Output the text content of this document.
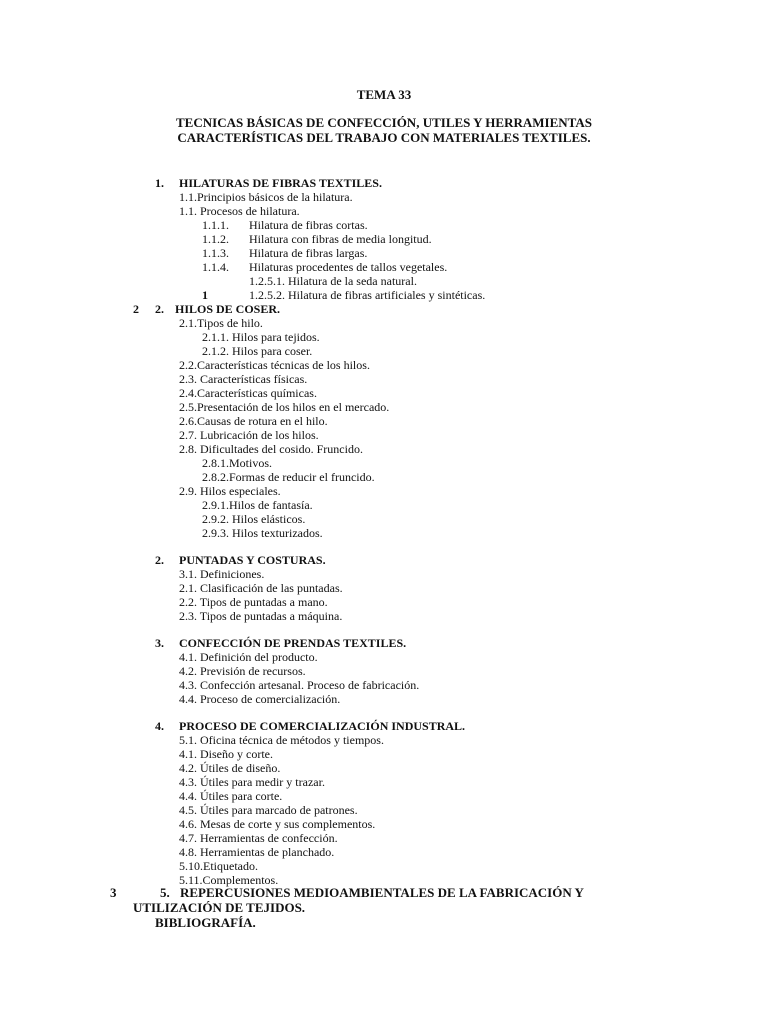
TEMA 33
TECNICAS BÁSICAS DE CONFECCIÓN, UTILES Y HERRAMIENTAS
CARACTERÍSTICAS DEL TRABAJO CON MATERIALES TEXTILES.
1. HILATURAS DE FIBRAS TEXTILES.
1.1.Principios básicos de la hilatura.
1.1. Procesos de hilatura.
1.1.1. Hilatura de fibras cortas.
1.1.2. Hilatura con fibras de media longitud.
1.1.3. Hilatura de fibras largas.
1.1.4. Hilaturas procedentes de tallos vegetales.
1.2.5.1. Hilatura de la seda natural.
1	1.2.5.2. Hilatura de fibras artificiales y sintéticas.
2 2. HILOS DE COSER.
2.1.Tipos de hilo.
2.1.1. Hilos para tejidos.
2.1.2. Hilos para coser.
2.2.Características técnicas de los hilos.
2.3. Características físicas.
2.4.Características químicas.
2.5.Presentación de los hilos en el mercado.
2.6.Causas de rotura en el hilo.
2.7. Lubricación de los hilos.
2.8. Dificultades del cosido. Fruncido.
2.8.1.Motivos.
2.8.2.Formas de reducir el fruncido.
2.9. Hilos especiales.
2.9.1.Hilos de fantasía.
2.9.2. Hilos elásticos.
2.9.3. Hilos texturizados.
2. PUNTADAS Y COSTURAS.
3.1. Definiciones.
2.1. Clasificación de las puntadas.
2.2. Tipos de puntadas a mano.
2.3. Tipos de puntadas a máquina.
3. CONFECCIÓN DE PRENDAS TEXTILES.
4.1. Definición del producto.
4.2. Previsión de recursos.
4.3. Confección artesanal. Proceso de fabricación.
4.4. Proceso de comercialización.
4. PROCESO DE COMERCIALIZACIÓN INDUSTRAL.
5.1. Oficina técnica de métodos y tiempos.
4.1. Diseño y corte.
4.2. Útiles de diseño.
4.3. Útiles para medir y trazar.
4.4. Útiles para corte.
4.5. Útiles para marcado de patrones.
4.6. Mesas de corte y sus complementos.
4.7. Herramientas de confección.
4.8. Herramientas de planchado.
5.10.Etiquetado.
5.11.Complementos.
3	5. REPERCUSIONES MEDIOAMBIENTALES DE LA FABRICACIÓN Y
UTILIZACIÓN DE TEJIDOS.
BIBLIOGRAFÍA.
